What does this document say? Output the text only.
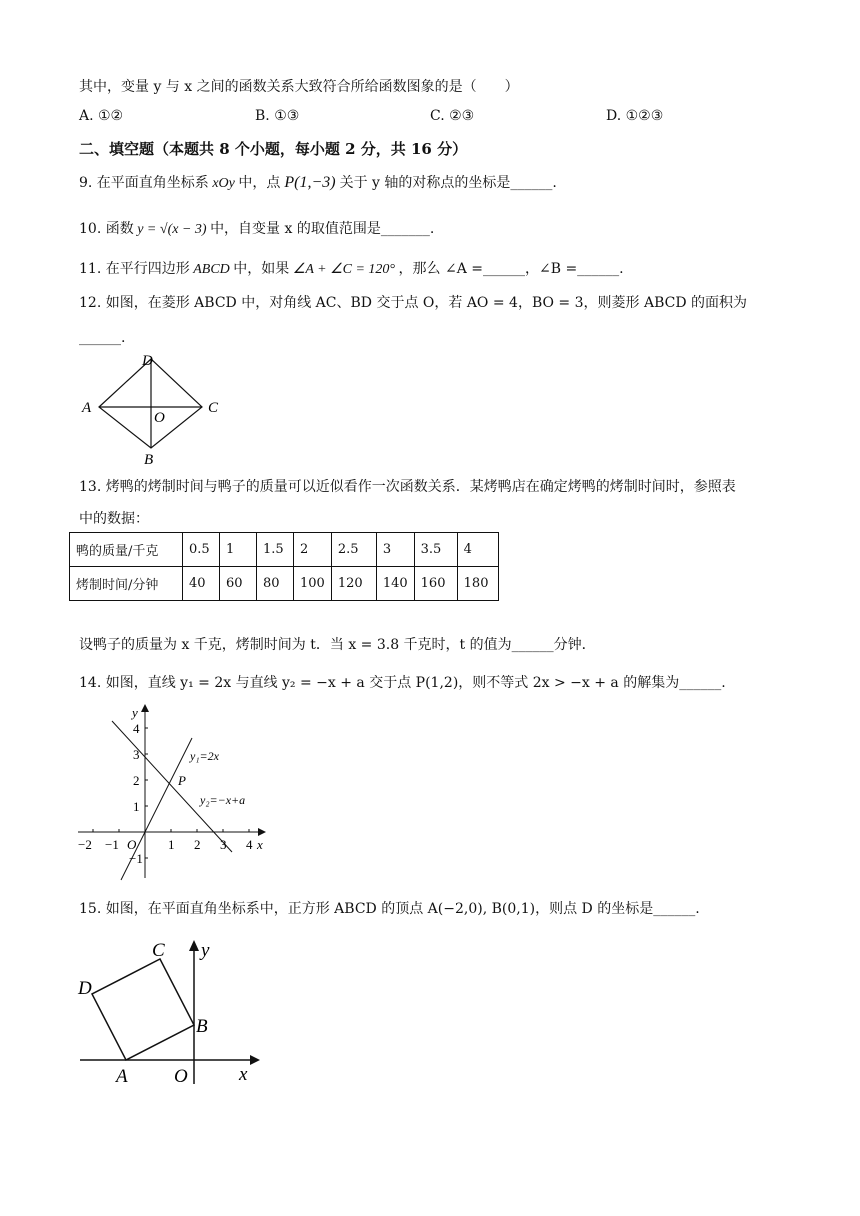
其中，变量 y 与 x 之间的函数关系大致符合所给函数图象的是（　　）
A. ①②	B. ①③	C. ②③	D. ①②③
二、填空题（本题共 8 个小题，每小题 2 分，共 16 分）
9. 在平面直角坐标系 xOy 中，点 P(1,−3) 关于 y 轴的对称点的坐标是______.
10. 函数 y = √(x − 3) 中，自变量 x 的取值范围是_______.
11. 在平行四边形 ABCD 中，如果 ∠A + ∠C = 120° ，那么 ∠A =______，∠B =______.
12. 如图，在菱形 ABCD 中，对角线 AC、BD 交于点 O，若 AO = 4，BO = 3，则菱形 ABCD 的面积为
______.
A
D
C
B
O
13. 烤鸭的烤制时间与鸭子的质量可以近似看作一次函数关系．某烤鸭店在确定烤鸭的烤制时间时，参照表
中的数据：
鸭的质量/千克	0.5	1	1.5	2	2.5	3	3.5	4
烤制时间/分钟	40	60	80	100	120	140	160	180
设鸭子的质量为 x 千克，烤制时间为 t．当 x = 3.8 千克时，t 的值为______分钟．
14. 如图，直线 y₁ = 2x 与直线 y₂ = −x + a 交于点 P(1,2)，则不等式 2x > −x + a 的解集为______.
−2 −1 O 1 2 3 4 x
4
3
2
1
−1
y
y₁=2x
y₂=−x+a
P
15. 如图，在平面直角坐标系中，正方形 ABCD 的顶点 A(−2,0), B(0,1)，则点 D 的坐标是______.
A
B
C
D
O	x
y
